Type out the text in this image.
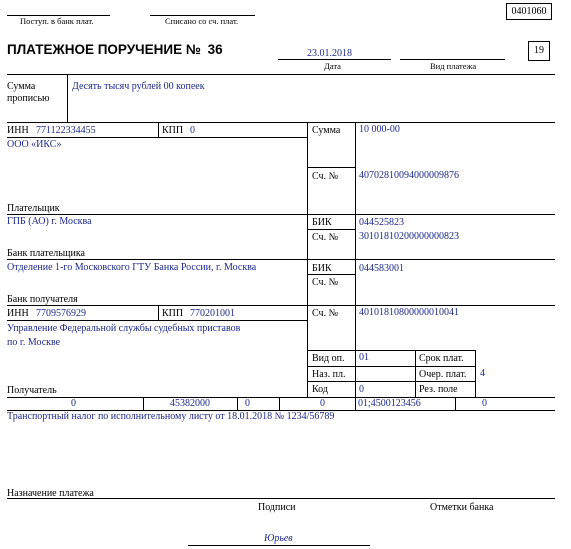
0401060
Поступ. в банк плат.	Списано со сч. плат.
ПЛАТЕЖНОЕ ПОРУЧЕНИЕ № 36	23.01.2018
Дата	Вид платежа
19
Сумма
прописью
Десять тысяч рублей 00 копеек
ИНН 771122334455	КПП 0	Сумма 10 000-00
ООО «ИКС»
Сч. № 40702810094000009876
Плательщик
ГПБ (АО) г. Москва	БИК	044525823
Сч. № 30101810200000000823
Банк плательщика
Отделение 1-го Московского ГТУ Банка России, г. Москва	БИК	044583001
Сч. №
Банк получателя
ИНН 7709576929	КПП 770201001	Сч. № 40101810800000010041
Управление Федеральной службы судебных приставов
по г. Москве
Получатель
Вид оп. 01	Срок плат.
Наз. пл.	Очер. плат. 4
Код	0	Рез. поле
0	45382000	0	0	01;4500123456	0
Транспортный налог по исполнительному листу от 18.01.2018 № 1234/56789
Назначение платежа
Подписи	Отметки банка
Юрьев
